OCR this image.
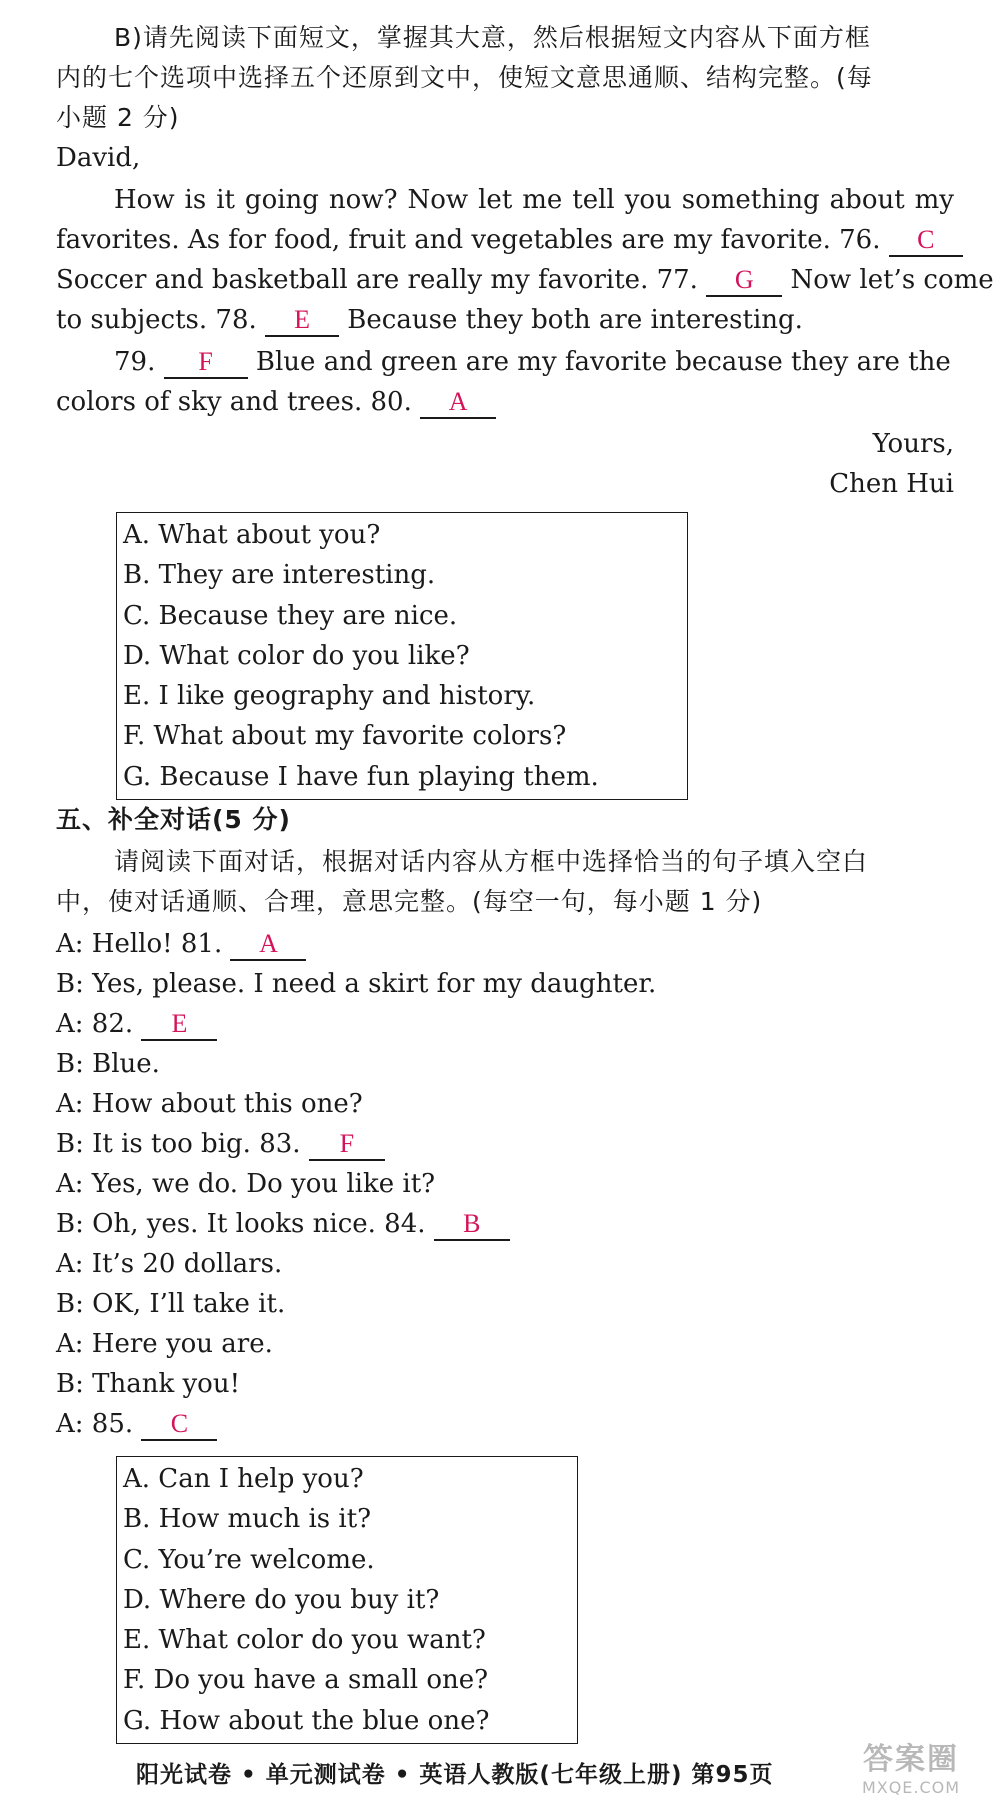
B)请先阅读下面短文，掌握其大意，然后根据短文内容从下面方框
内的七个选项中选择五个还原到文中，使短文意思通顺、结构完整。(每
小题 2 分)
David,
How is it going now? Now let me tell you something about my
favorites. As for food, fruit and vegetables are my favorite. 76. C
Soccer and basketball are really my favorite. 77. G Now let’s come
to subjects. 78. E Because they both are interesting.
79. F Blue and green are my favorite because they are the
colors of sky and trees. 80. A
Yours,
Chen Hui
A. What about you?
B. They are interesting.
C. Because they are nice.
D. What color do you like?
E. I like geography and history.
F. What about my favorite colors?
G. Because I have fun playing them.
五、补全对话(5 分)
请阅读下面对话，根据对话内容从方框中选择恰当的句子填入空白
中，使对话通顺、合理，意思完整。(每空一句，每小题 1 分)
A: Hello! 81. A
B: Yes, please. I need a skirt for my daughter.
A: 82. E
B: Blue.
A: How about this one?
B: It is too big. 83. F
A: Yes, we do. Do you like it?
B: Oh, yes. It looks nice. 84. B
A: It’s 20 dollars.
B: OK, I’ll take it.
A: Here you are.
B: Thank you!
A: 85. C
A. Can I help you?
B. How much is it?
C. You’re welcome.
D. Where do you buy it?
E. What color do you want?
F. Do you have a small one?
G. How about the blue one?
阳光试卷 • 单元测试卷 • 英语人教版(七年级上册) 第95页	答案圈
MXQE.COM
